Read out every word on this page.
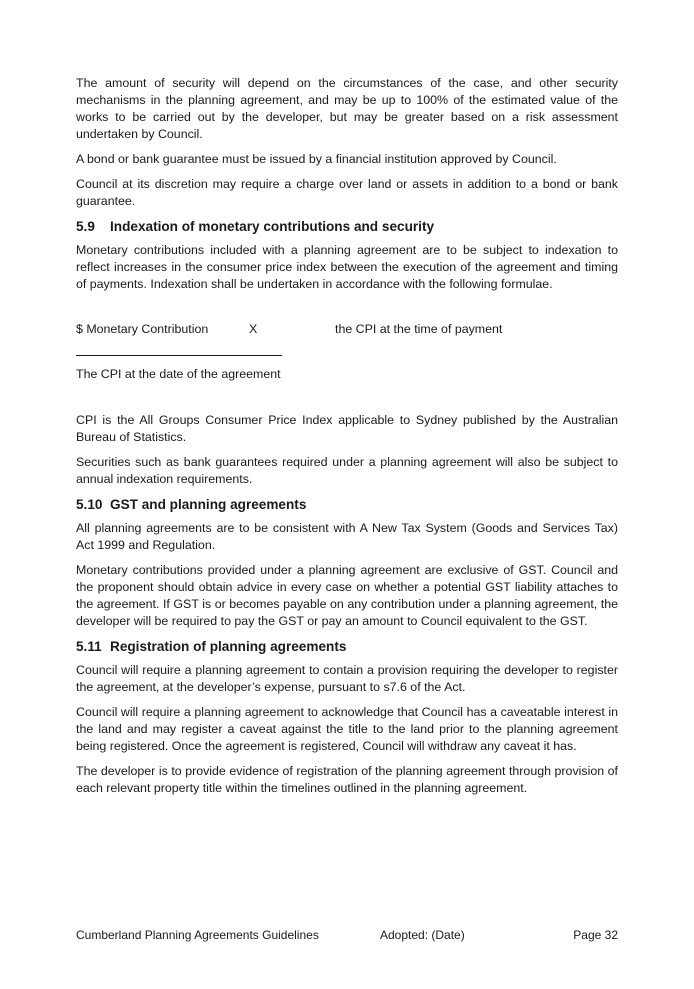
The amount of security will depend on the circumstances of the case, and other security mechanisms in the planning agreement, and may be up to 100% of the estimated value of the works to be carried out by the developer, but may be greater based on a risk assessment undertaken by Council.

A bond or bank guarantee must be issued by a financial institution approved by Council.

Council at its discretion may require a charge over land or assets in addition to a bond or bank guarantee.

5.9 Indexation of monetary contributions and security

Monetary contributions included with a planning agreement are to be subject to indexation to reflect increases in the consumer price index between the execution of the agreement and timing of payments. Indexation shall be undertaken in accordance with the following formulae.

$ Monetary Contribution	X	the CPI at the time of payment
The CPI at the date of the agreement

CPI is the All Groups Consumer Price Index applicable to Sydney published by the Australian Bureau of Statistics.

Securities such as bank guarantees required under a planning agreement will also be subject to annual indexation requirements.

5.10 GST and planning agreements

All planning agreements are to be consistent with A New Tax System (Goods and Services Tax) Act 1999 and Regulation.

Monetary contributions provided under a planning agreement are exclusive of GST. Council and the proponent should obtain advice in every case on whether a potential GST liability attaches to the agreement. If GST is or becomes payable on any contribution under a planning agreement, the developer will be required to pay the GST or pay an amount to Council equivalent to the GST.

5.11 Registration of planning agreements

Council will require a planning agreement to contain a provision requiring the developer to register the agreement, at the developer’s expense, pursuant to s7.6 of the Act.

Council will require a planning agreement to acknowledge that Council has a caveatable interest in the land and may register a caveat against the title to the land prior to the planning agreement being registered. Once the agreement is registered, Council will withdraw any caveat it has.

The developer is to provide evidence of registration of the planning agreement through provision of each relevant property title within the timelines outlined in the planning agreement.

Cumberland Planning Agreements Guidelines	Adopted: (Date)	Page 32
